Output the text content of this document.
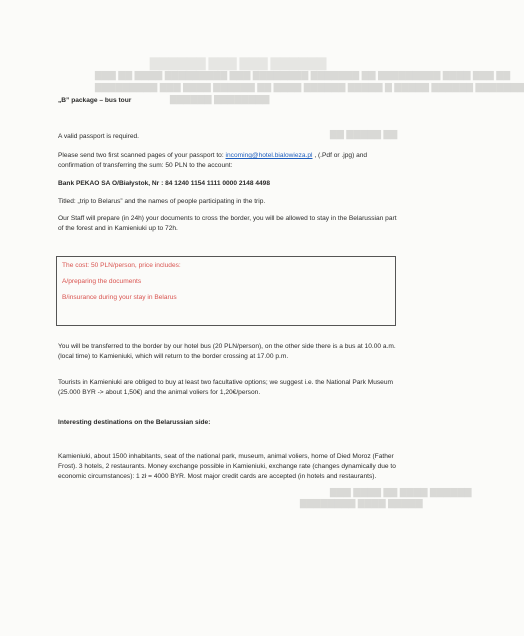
▇▇▇▇▇▇ ▇▇▇ ▇▇▇ ▇▇▇▇▇▇
▇▇ ▇▇▇ ▇▇▇▇ ▇▇▇▇▇▇▇▇▇ ▇▇ ▇▇▇▇▇▇▇ ▇▇▇▇▇▇▇▇ ▇▇▇ ▇▇▇▇▇▇▇▇▇ ▇▇▇▇ ▇▇ ▇▇▇
▇▇▇▇▇▇▇ ▇▇▇▇▇▇ ▇▇▇▇▇ ▇ ▇▇▇▇▇ ▇▇▇▇▇▇ ▇▇▇▇ ▇▇ ▇▇▇▇▇▇ ▇▇▇▇ ▇▇▇ ▇▇▇▇▇▇▇▇▇
▇▇▇▇▇▇▇▇ ▇▇▇▇▇▇
„B” package – bus tour
A valid passport is required.
Please send two first scanned pages of your passport to: incoming@hotel.bialowieza.pl , (.Pdf or .jpg) and confirmation of transferring the sum: 50 PLN to the account:
Bank PEKAO SA O/Białystok, Nr : 84 1240 1154 1111 0000 2148 4498
Titled: „trip to Belarus” and the names of people participating in the trip.
Our Staff will prepare (in 24h) your documents to cross the border, you will be allowed to stay in the Belarussian part of the forest and in Kamieniuki up to 72h.
The cost: 50 PLN/person, price includes:
A/preparing the documents
B/insurance during your stay in Belarus
You will be transferred to the border by our hotel bus (20 PLN/person), on the other side there is a bus at 10.00 a.m. (local time) to Kamieniuki, which will return to the border crossing at 17.00 p.m.
Tourists in Kamieniuki are obliged to buy at least two facultative options; we suggest i.e. the National Park Museum (25.000 BYR -> about 1,50€) and the animal voliers for 1,20€/person.
Interesting destinations on the Belarussian side:
Kamieniuki, about 1500 inhabitants, seat of the national park, museum, animal voliers, home of Died Moroz (Father Frost). 3 hotels, 2 restaurants. Money exchange possible in Kamieniuki, exchange rate (changes dynamically due to economic circumstances): 1 zł = 4000 BYR. Most major credit cards are accepted (in hotels and restaurants).
▇▇ ▇▇▇▇▇ ▇▇
▇▇▇▇▇▇ ▇▇▇▇ ▇▇ ▇▇▇▇ ▇▇▇
▇▇▇▇▇ ▇▇▇▇ ▇▇▇▇▇▇▇▇
